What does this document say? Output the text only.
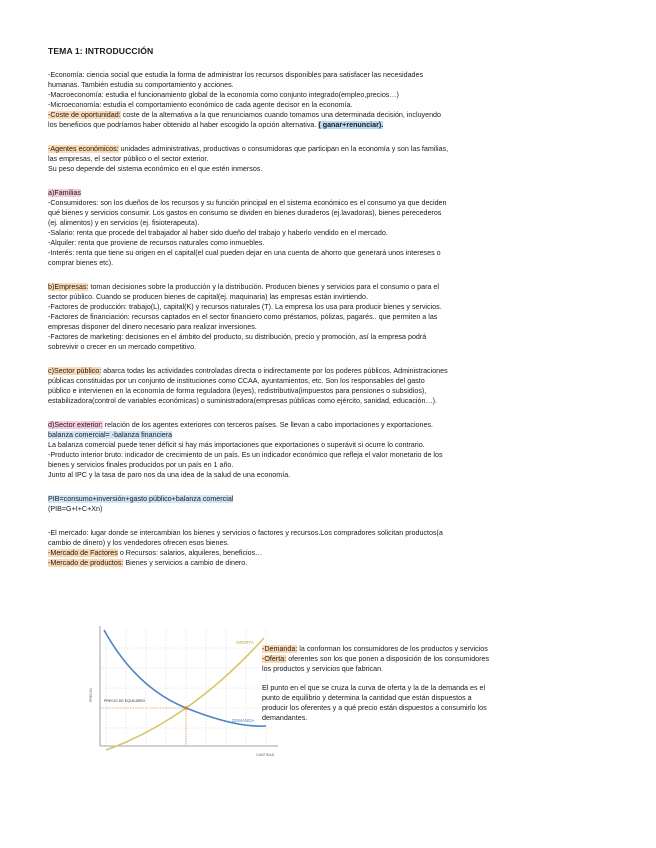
TEMA 1: INTRODUCCIÓN

-Economía: ciencia social que estudia la forma de administrar los recursos disponibles para satisfacer las necesidades

humanas. También estudia su comportamiento y acciones.

-Macroeconomía: estudia el funcionamiento global de la economía como conjunto integrado(empleo,precios…)

-Microeconomía: estudia el comportamiento económico de cada agente decisor en la economía.

-Coste de oportunidad: coste de la alternativa a la que renunciamos cuando tomamos una determinada decisión, incluyendo

los beneficios que podríamos haber obtenido al haber escogido la opción alternativa. ( ganar+renunciar).

-Agentes económicos: unidades administrativas, productivas o consumidoras que participan en la economía y son las familias,

las empresas, el sector público o el sector exterior.

Su peso depende del sistema económico en el que estén inmersos.

a)Familias

-Consumidores: son los dueños de los recursos y su función principal en el sistema económico es el consumo ya que deciden

qué bienes y servicios consumir. Los gastos en consumo se dividen en bienes duraderos (ej.lavadoras), bienes perecederos

(ej. alimentos) y en servicios (ej. fisioterapeuta).

-Salario: renta que procede del trabajador al haber sido dueño del trabajo y haberlo vendido en el mercado.

-Alquiler: renta que proviene de recursos naturales como inmuebles.

-Interés: renta que tiene su origen en el capital(el cual pueden dejar en una cuenta de ahorro que generará unos intereses o

comprar bienes etc).

b)Empresas: toman decisiones sobre la producción y la distribución. Producen bienes y servicios para el consumo o para el

sector público. Cuando se producen bienes de capital(ej. maquinaria) las empresas están invirtiendo.

-Factores de producción: trabajo(L), capital(K) y recursos naturales (T). La empresa los usa para producir bienes y servicios.

-Factores de financiación: recursos captados en el sector financiero como préstamos, pólizas, pagarés.. que permiten a las

empresas disponer del dinero necesario para realizar inversiones.

-Factores de marketing: decisiones en el ámbito del producto, su distribución, precio y promoción, así la empresa podrá

sobrevivir o crecer en un mercado competitivo.

c)Sector público: abarca todas las actividades controladas directa o indirectamente por los poderes públicos. Administraciones

públicas constituidas por un conjunto de instituciones como CCAA, ayuntamientos, etc. Son los responsables del gasto

público e intervienen en la economía de forma reguladora (leyes), redistributiva(impuestos para pensiones o subsidios),

estabilizadora(control de variables económicas) o suministradora(empresas públicas como ejército, sanidad, educación…).

d)Sector exterior: relación de los agentes exteriores con terceros países. Se llevan a cabo importaciones y exportaciones.

balanza comercial= -balanza financiera

La balanza comercial puede tener déficit si hay más importaciones que exportaciones o superávit si ocurre lo contrario.

-Producto interior bruto: indicador de crecimiento de un país. Es un indicador económico que refleja el valor monetario de los

bienes y servicios finales producidos por un país en 1 año.

Junto al IPC y la tasa de paro nos da una idea de la salud de una economía.

PIB=consumo+inversión+gasto público+balanza comercial

(PIB=G+I+C+Xn)

-El mercado: lugar donde se intercambian los bienes y servicios o factores y recursos.Los compradores solicitan productos(a

cambio de dinero) y los vendedores ofrecen esos bienes.

-Mercado de Factores o Recursos: salarios, alquileres, beneficios…

-Mercado de productos: Bienes y servicios a cambio de dinero.

OFERTA
DEMANDA
PRECIO DE EQUILIBRIO
PRECIO
CANTIDAD

-Demanda: la conforman los consumidores de los productos y servicios

-Oferta: oferentes son los que ponen a disposición de los consumidores

los productos y servicios que fabrican.

El punto en el que se cruza la curva de oferta y la de la demanda es el

punto de equilibrio y determina la cantidad que están dispuestos a

producir los oferentes y a qué precio están dispuestos a consumirlo los

demandantes.
